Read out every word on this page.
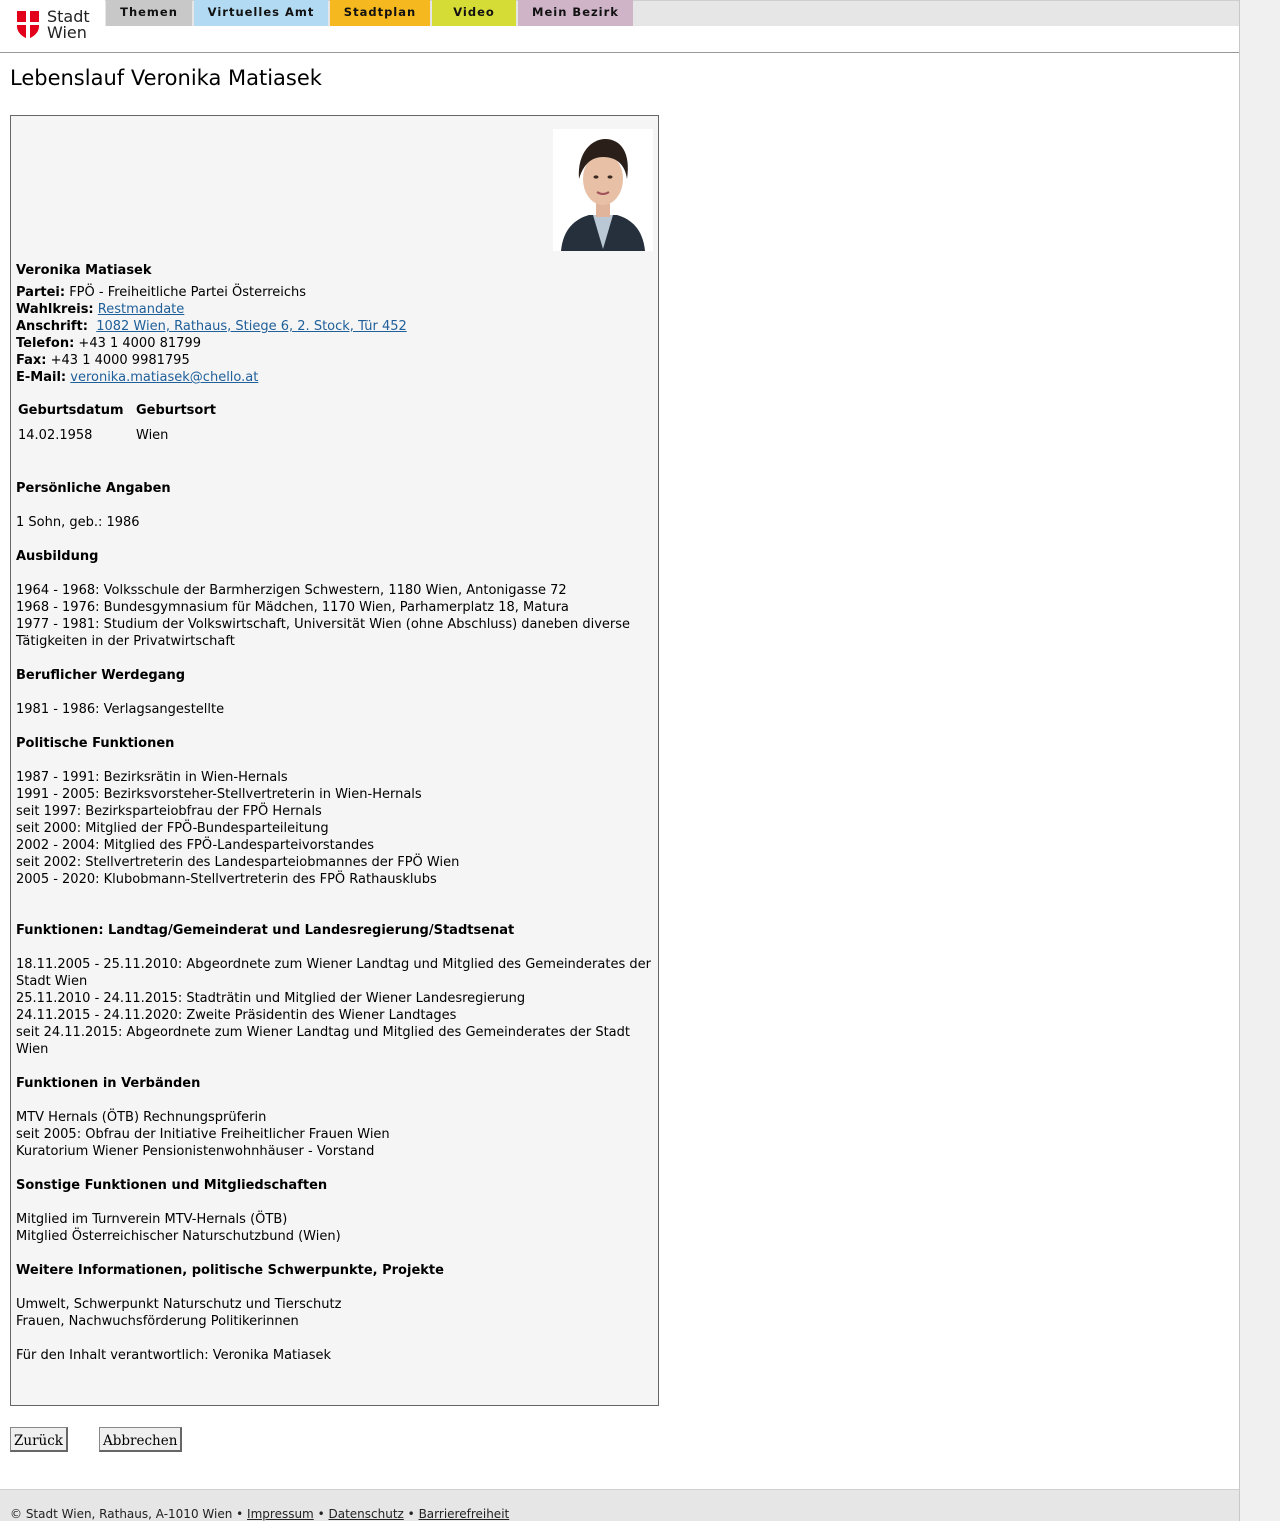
Stadt
Wien
Themen	Virtuelles Amt	Stadtplan	Video	Mein Bezirk
Lebenslauf Veronika Matiasek

Veronika Matiasek

Partei: FPÖ - Freiheitliche Partei Österreichs

Wahlkreis: Restmandate

Anschrift: 1082 Wien, Rathaus, Stiege 6, 2. Stock, Tür 452

Telefon: +43 1 4000 81799

Fax: +43 1 4000 9981795

E-Mail: veronika.matiasek@chello.at

Geburtsdatum	Geburtsort
14.02.1958	Wien

Persönliche Angaben

1 Sohn, geb.: 1986

Ausbildung

1964 - 1968: Volksschule der Barmherzigen Schwestern, 1180 Wien, Antonigasse 72

1968 - 1976: Bundesgymnasium für Mädchen, 1170 Wien, Parhamerplatz 18, Matura

1977 - 1981: Studium der Volkswirtschaft, Universität Wien (ohne Abschluss) daneben diverse Tätigkeiten in der Privatwirtschaft

Beruflicher Werdegang

1981 - 1986: Verlagsangestellte

Politische Funktionen

1987 - 1991: Bezirksrätin in Wien-Hernals

1991 - 2005: Bezirksvorsteher-Stellvertreterin in Wien-Hernals

seit 1997: Bezirksparteiobfrau der FPÖ Hernals

seit 2000: Mitglied der FPÖ-Bundesparteileitung

2002 - 2004: Mitglied des FPÖ-Landesparteivorstandes

seit 2002: Stellvertreterin des Landesparteiobmannes der FPÖ Wien

2005 - 2020: Klubobmann-Stellvertreterin des FPÖ Rathausklubs

Funktionen: Landtag/Gemeinderat und Landesregierung/Stadtsenat

18.11.2005 - 25.11.2010: Abgeordnete zum Wiener Landtag und Mitglied des Gemeinderates der Stadt Wien

25.11.2010 - 24.11.2015: Stadträtin und Mitglied der Wiener Landesregierung

24.11.2015 - 24.11.2020: Zweite Präsidentin des Wiener Landtages

seit 24.11.2015: Abgeordnete zum Wiener Landtag und Mitglied des Gemeinderates der Stadt Wien

Funktionen in Verbänden

MTV Hernals (ÖTB) Rechnungsprüferin

seit 2005: Obfrau der Initiative Freiheitlicher Frauen Wien

Kuratorium Wiener Pensionistenwohnhäuser - Vorstand

Sonstige Funktionen und Mitgliedschaften

Mitglied im Turnverein MTV-Hernals (ÖTB)

Mitglied Österreichischer Naturschutzbund (Wien)

Weitere Informationen, politische Schwerpunkte, Projekte

Umwelt, Schwerpunkt Naturschutz und Tierschutz

Frauen, Nachwuchsförderung Politikerinnen

Für den Inhalt verantwortlich: Veronika Matiasek

Zurück	Abbrechen
© Stadt Wien, Rathaus, A-1010 Wien • Impressum • Datenschutz • Barrierefreiheit
